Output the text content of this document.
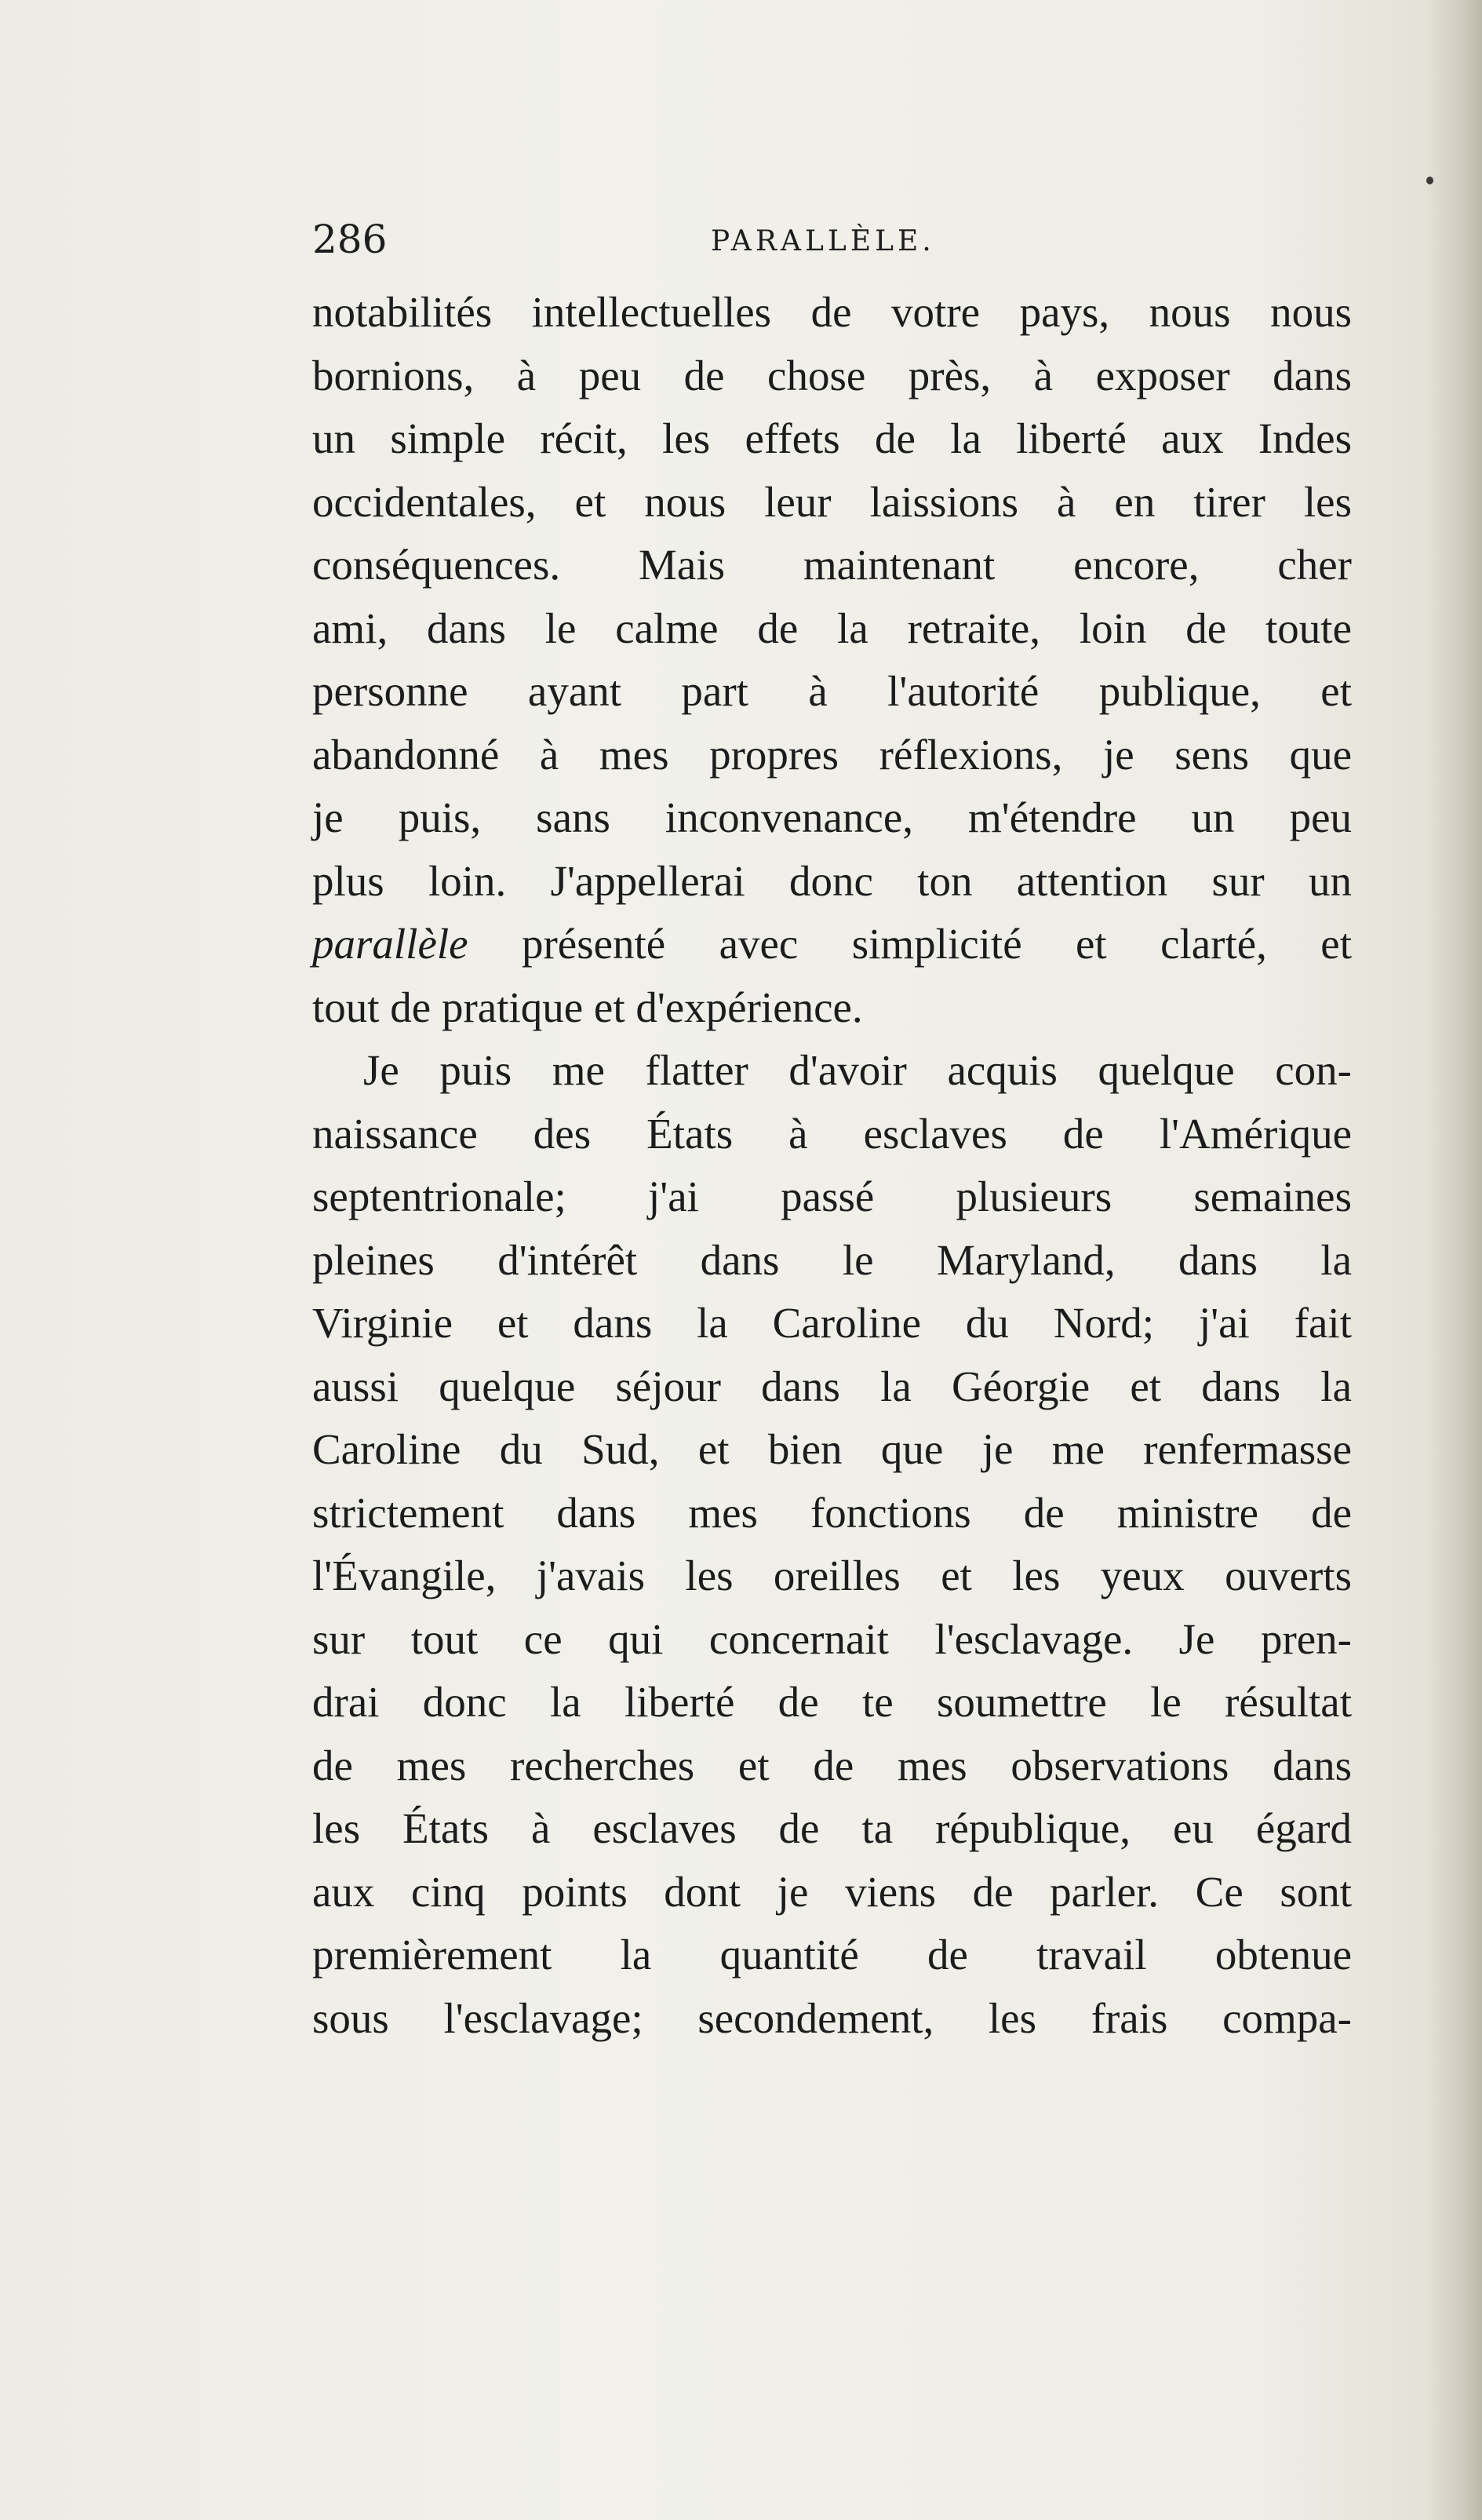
286	PARALLÈLE.
notabilités intellectuelles de votre pays, nous nous
bornions, à peu de chose près, à exposer dans
un simple récit, les effets de la liberté aux Indes
occidentales, et nous leur laissions à en tirer les
conséquences. Mais maintenant encore, cher
ami, dans le calme de la retraite, loin de toute
personne ayant part à l'autorité publique, et
abandonné à mes propres réflexions, je sens que
je puis, sans inconvenance, m'étendre un peu
plus loin. J'appellerai donc ton attention sur un
parallèle présenté avec simplicité et clarté, et
tout de pratique et d'expérience.
Je puis me flatter d'avoir acquis quelque con-
naissance des États à esclaves de l'Amérique
septentrionale; j'ai passé plusieurs semaines
pleines d'intérêt dans le Maryland, dans la
Virginie et dans la Caroline du Nord; j'ai fait
aussi quelque séjour dans la Géorgie et dans la
Caroline du Sud, et bien que je me renfermasse
strictement dans mes fonctions de ministre de
l'Évangile, j'avais les oreilles et les yeux ouverts
sur tout ce qui concernait l'esclavage. Je pren-
drai donc la liberté de te soumettre le résultat
de mes recherches et de mes observations dans
les États à esclaves de ta république, eu égard
aux cinq points dont je viens de parler. Ce sont
premièrement la quantité de travail obtenue
sous l'esclavage; secondement, les frais compa-
